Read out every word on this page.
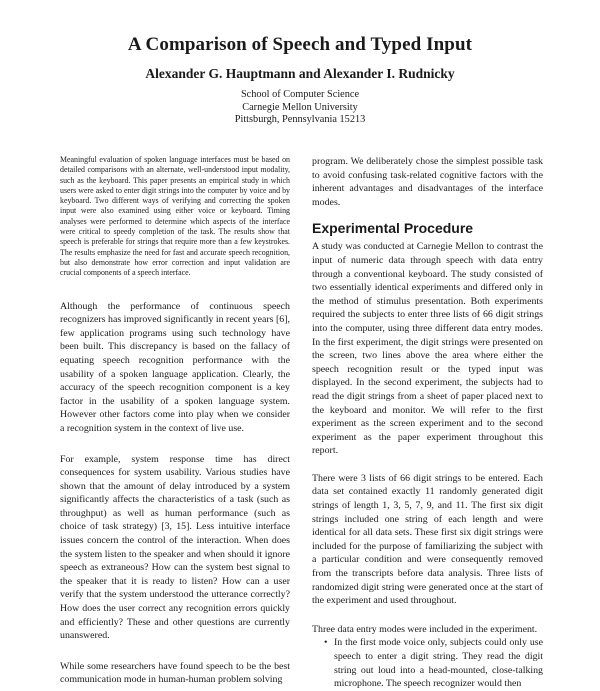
A Comparison of Speech and Typed Input
Alexander G. Hauptmann and Alexander I. Rudnicky
School of Computer Science
Carnegie Mellon University
Pittsburgh, Pennsylvania 15213

Meaningful evaluation of spoken language interfaces must be based on detailed comparisons with an alternate, well-understood input modality, such as the keyboard. This paper presents an empirical study in which users were asked to enter digit strings into the computer by voice and by keyboard. Two different ways of verifying and correcting the spoken input were also examined using either voice or keyboard. Timing analyses were performed to determine which aspects of the interface were critical to speedy completion of the task. The results show that speech is preferable for strings that require more than a few keystrokes. The results emphasize the need for fast and accurate speech recognition, but also demonstrate how error correction and input validation are crucial components of a speech interface.

Although the performance of continuous speech recognizers has improved significantly in recent years [6], few application programs using such technology have been built. This discrepancy is based on the fallacy of equating speech recognition performance with the usability of a spoken language application. Clearly, the accuracy of the speech recognition component is a key factor in the usability of a spoken language system. However other factors come into play when we consider a recognition system in the context of live use.

For example, system response time has direct consequences for system usability. Various studies have shown that the amount of delay introduced by a system significantly affects the characteristics of a task (such as throughput) as well as human performance (such as choice of task strategy) [3, 15]. Less intuitive interface issues concern the control of the interaction. When does the system listen to the speaker and when should it ignore speech as extraneous? How can the system best signal to the speaker that it is ready to listen? How can a user verify that the system understood the utterance correctly? How does the user correct any recognition errors quickly and efficiently? These and other questions are currently unanswered.

While some researchers have found speech to be the best communication mode in human-human problem solving

program. We deliberately chose the simplest possible task to avoid confusing task-related cognitive factors with the inherent advantages and disadvantages of the interface modes.

Experimental Procedure

A study was conducted at Carnegie Mellon to contrast the input of numeric data through speech with data entry through a conventional keyboard. The study consisted of two essentially identical experiments and differed only in the method of stimulus presentation. Both experiments required the subjects to enter three lists of 66 digit strings into the computer, using three different data entry modes. In the first experiment, the digit strings were presented on the screen, two lines above the area where either the speech recognition result or the typed input was displayed. In the second experiment, the subjects had to read the digit strings from a sheet of paper placed next to the keyboard and monitor. We will refer to the first experiment as the screen experiment and to the second experiment as the paper experiment throughout this report.

There were 3 lists of 66 digit strings to be entered. Each data set contained exactly 11 randomly generated digit strings of length 1, 3, 5, 7, 9, and 11. The first six digit strings included one string of each length and were identical for all data sets. These first six digit strings were included for the purpose of familiarizing the subject with a particular condition and were consequently removed from the transcripts before data analysis. Three lists of randomized digit string were generated once at the start of the experiment and used throughout.

Three data entry modes were included in the experiment.

• In the first mode voice only, subjects could only use speech to enter a digit string. They read the digit string out loud into a head-mounted, close-talking microphone. The speech recognizer would then
